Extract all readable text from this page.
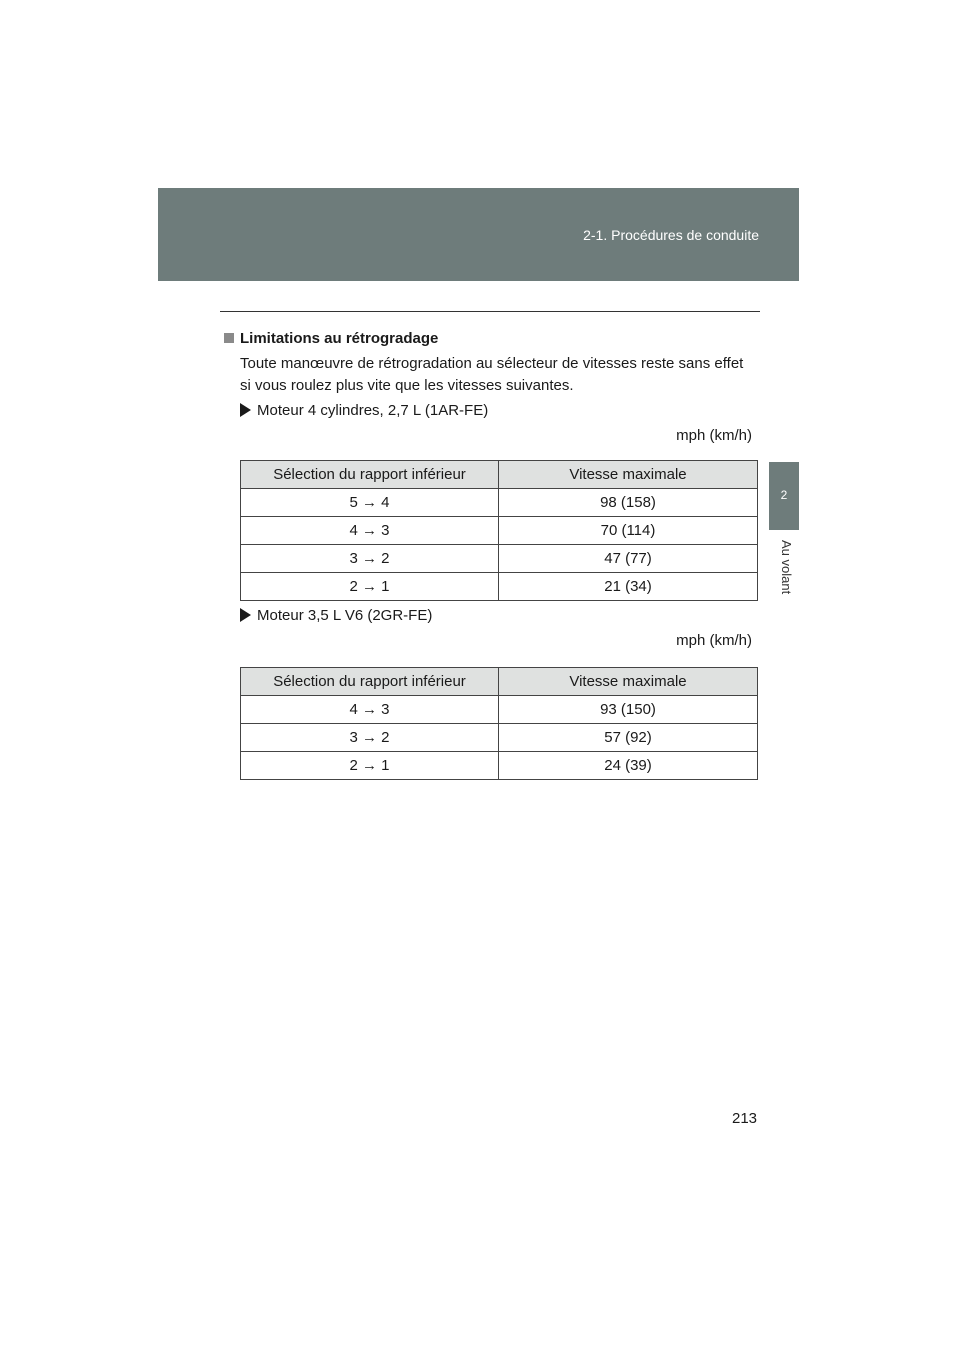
2-1. Procédures de conduite
2
Au volant
Limitations au rétrogradage
Toute manœuvre de rétrogradation au sélecteur de vitesses reste sans effet
si vous roulez plus vite que les vitesses suivantes.
Moteur 4 cylindres, 2,7 L (1AR-FE)
mph (km/h)
Sélection du rapport inférieur	Vitesse maximale
5 → 4	98 (158)
4 → 3	70 (114)
3 → 2	47 (77)
2 → 1	21 (34)
Moteur 3,5 L V6 (2GR-FE)
mph (km/h)
Sélection du rapport inférieur	Vitesse maximale
4 → 3	93 (150)
3 → 2	57 (92)
2 → 1	24 (39)
213
